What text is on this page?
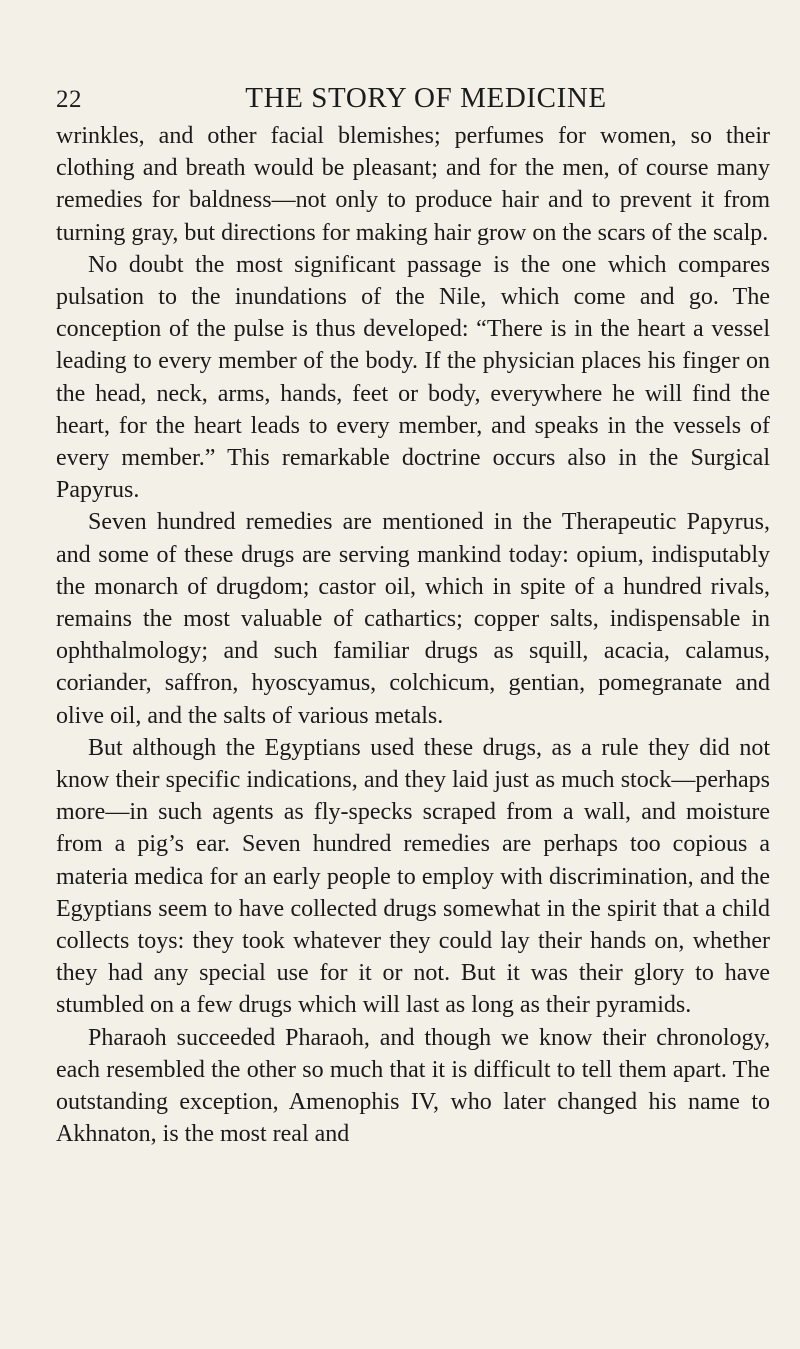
22	THE STORY OF MEDICINE

wrinkles, and other facial blemishes; perfumes for women, so their clothing and breath would be pleasant; and for the men, of course many remedies for baldness—not only to produce hair and to prevent it from turning gray, but directions for making hair grow on the scars of the scalp.

No doubt the most significant passage is the one which compares pulsation to the inundations of the Nile, which come and go. The conception of the pulse is thus developed: “There is in the heart a vessel leading to every member of the body. If the physician places his finger on the head, neck, arms, hands, feet or body, everywhere he will find the heart, for the heart leads to every member, and speaks in the vessels of every member.” This remarkable doctrine occurs also in the Surgical Papyrus.

Seven hundred remedies are mentioned in the Therapeutic Papyrus, and some of these drugs are serving mankind today: opium, indisputably the monarch of drugdom; castor oil, which in spite of a hundred rivals, remains the most valuable of cathartics; copper salts, indispensable in ophthalmology; and such familiar drugs as squill, acacia, calamus, coriander, saffron, hyoscyamus, colchicum, gentian, pomegranate and olive oil, and the salts of various metals.

But although the Egyptians used these drugs, as a rule they did not know their specific indications, and they laid just as much stock—perhaps more—in such agents as fly-specks scraped from a wall, and moisture from a pig’s ear. Seven hundred remedies are perhaps too copious a materia medica for an early people to employ with discrimination, and the Egyptians seem to have collected drugs somewhat in the spirit that a child collects toys: they took whatever they could lay their hands on, whether they had any special use for it or not. But it was their glory to have stumbled on a few drugs which will last as long as their pyramids.

Pharaoh succeeded Pharaoh, and though we know their chronology, each resembled the other so much that it is difficult to tell them apart. The outstanding exception, Amenophis IV, who later changed his name to Akhnaton, is the most real and
